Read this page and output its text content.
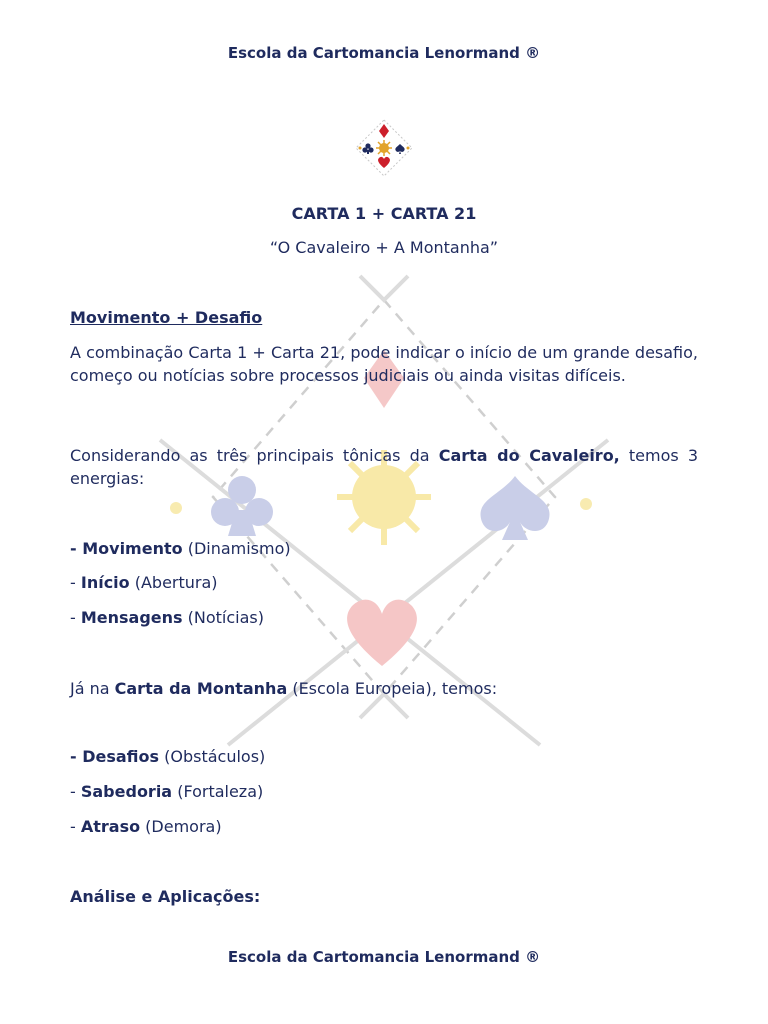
Escola da Cartomancia Lenormand ®
CARTA 1 + CARTA 21
“O Cavaleiro + A Montanha”
Movimento + Desafio
A combinação Carta 1 + Carta 21, pode indicar o início de um grande desafio, começo ou notícias sobre processos judiciais ou ainda visitas difíceis.
Considerando as três principais tônicas da Carta do Cavaleiro, temos 3 energias:
- Movimento (Dinamismo)
- Início (Abertura)
- Mensagens (Notícias)
Já na Carta da Montanha (Escola Europeia), temos:
- Desafios (Obstáculos)
- Sabedoria (Fortaleza)
- Atraso (Demora)
Análise e Aplicações:
Escola da Cartomancia Lenormand ®
